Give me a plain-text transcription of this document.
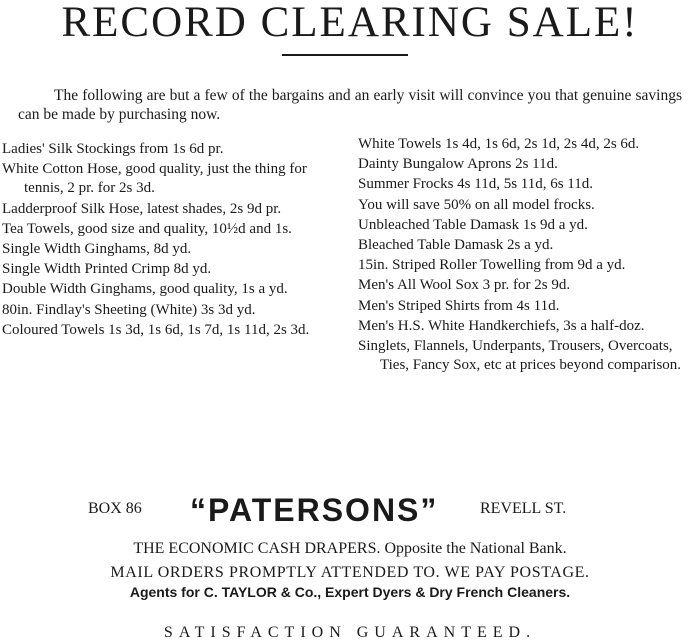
RECORD CLEARING SALE!
The following are but a few of the bargains and an early visit will convince you that genuine savings can be made by purchasing now.
Ladies' Silk Stockings from 1s 6d pr.
White Cotton Hose, good quality, just the thing for tennis, 2 pr. for 2s 3d.
Ladderproof Silk Hose, latest shades, 2s 9d pr.
Tea Towels, good size and quality, 10½d and 1s.
Single Width Ginghams, 8d yd.
Single Width Printed Crimp 8d yd.
Double Width Ginghams, good quality, 1s a yd.
80in. Findlay's Sheeting (White) 3s 3d yd.
Coloured Towels 1s 3d, 1s 6d, 1s 7d, 1s 11d, 2s 3d.
White Towels 1s 4d, 1s 6d, 2s 1d, 2s 4d, 2s 6d.
Dainty Bungalow Aprons 2s 11d.
Summer Frocks 4s 11d, 5s 11d, 6s 11d.
You will save 50% on all model frocks.
Unbleached Table Damask 1s 9d a yd.
Bleached Table Damask 2s a yd.
15in. Striped Roller Towelling from 9d a yd.
Men's All Wool Sox 3 pr. for 2s 9d.
Men's Striped Shirts from 4s 11d.
Men's H.S. White Handkerchiefs, 3s a half-doz.
Singlets, Flannels, Underpants, Trousers, Overcoats, Ties, Fancy Sox, etc at prices beyond comparison.
BOX 86 “PATERSONS”	REVELL ST.
THE ECONOMIC CASH DRAPERS. Opposite the National Bank.
MAIL ORDERS PROMPTLY ATTENDED TO. WE PAY POSTAGE.
Agents for C. TAYLOR & Co., Expert Dyers & Dry French Cleaners.
SATISFACTION GUARANTEED.
